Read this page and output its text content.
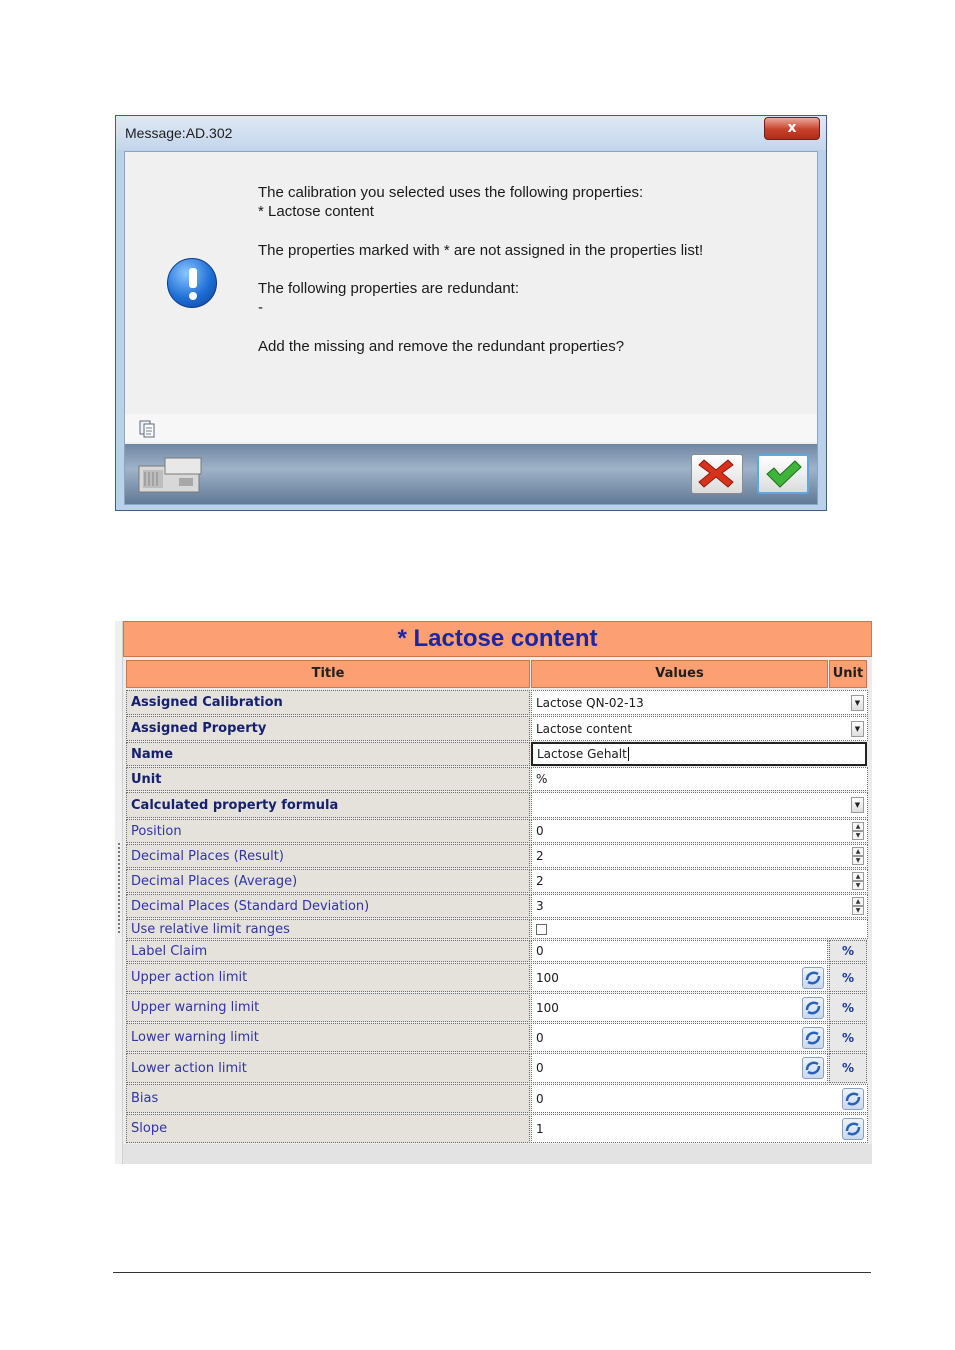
Message:AD.302	x
The calibration you selected uses the following properties:
* Lactose content
The properties marked with * are not assigned in the properties list!
The following properties are redundant:
-
Add the missing and remove the redundant properties?
* Lactose content
Title	Values	Unit
Assigned Calibration	Lactose QN-02-13	▼
Assigned Property	Lactose content	▼
Name	Lactose Gehalt
Unit	%
Calculated property formula	▼
Position	0	▲
▼
Decimal Places (Result)	2	▲
▼
Decimal Places (Average)	2	▲
▼
Decimal Places (Standard Deviation)	3	▲
▼
Use relative limit ranges
Label Claim	0	%
Upper action limit	100	%
Upper warning limit	100	%
Lower warning limit	0	%
Lower action limit	0	%
Bias	0
Slope	1
